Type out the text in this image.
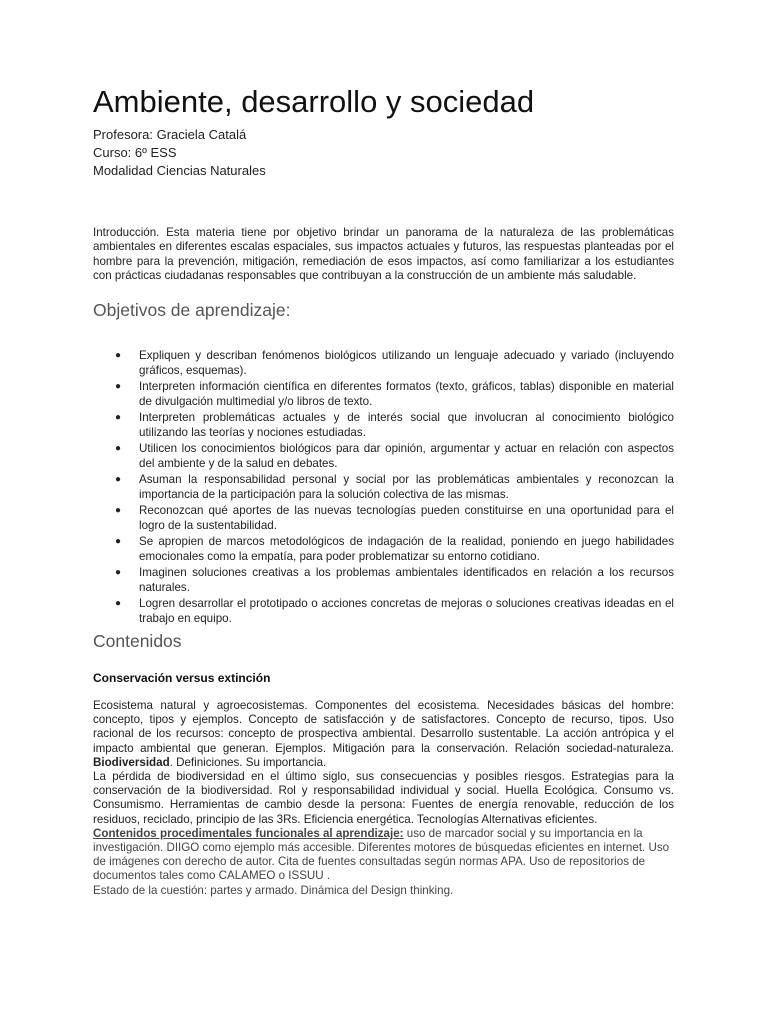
Ambiente, desarrollo y sociedad
Profesora: Graciela Catalá
Curso: 6º ESS
Modalidad Ciencias Naturales

Introducción. Esta materia tiene por objetivo brindar un panorama de la naturaleza de las problemáticas ambientales en diferentes escalas espaciales, sus impactos actuales y futuros, las respuestas planteadas por el hombre para la prevención, mitigación, remediación de esos impactos, así como familiarizar a los estudiantes con prácticas ciudadanas responsables que contribuyan a la construcción de un ambiente más saludable.

Objetivos de aprendizaje:
● Expliquen y describan fenómenos biológicos utilizando un lenguaje adecuado y variado (incluyendo gráficos, esquemas).
● Interpreten información científica en diferentes formatos (texto, gráficos, tablas) disponible en material de divulgación multimedial y/o libros de texto.
● Interpreten problemáticas actuales y de interés social que involucran al conocimiento biológico utilizando las teorías y nociones estudiadas.
● Utilicen los conocimientos biológicos para dar opinión, argumentar y actuar en relación con aspectos del ambiente y de la salud en debates.
● Asuman la responsabilidad personal y social por las problemáticas ambientales y reconozcan la importancia de la participación para la solución colectiva de las mismas.
● Reconozcan qué aportes de las nuevas tecnologías pueden constituirse en una oportunidad para el logro de la sustentabilidad.
● Se apropien de marcos metodológicos de indagación de la realidad, poniendo en juego habilidades emocionales como la empatía, para poder problematizar su entorno cotidiano.
● Imaginen soluciones creativas a los problemas ambientales identificados en relación a los recursos naturales.
● Logren desarrollar el prototipado o acciones concretas de mejoras o soluciones creativas ideadas en el trabajo en equipo.
Contenidos
Conservación versus extinción

Ecosistema natural y agroecosistemas. Componentes del ecosistema. Necesidades básicas del hombre: concepto, tipos y ejemplos. Concepto de satisfacción y de satisfactores. Concepto de recurso, tipos. Uso racional de los recursos: concepto de prospectiva ambiental. Desarrollo sustentable. La acción antrópica y el impacto ambiental que generan. Ejemplos. Mitigación para la conservación. Relación sociedad-naturaleza. Biodiversidad. Definiciones. Su importancia.

La pérdida de biodiversidad en el último siglo, sus consecuencias y posibles riesgos. Estrategias para la conservación de la biodiversidad. Rol y responsabilidad individual y social. Huella Ecológica. Consumo vs. Consumismo. Herramientas de cambio desde la persona: Fuentes de energía renovable, reducción de los residuos, reciclado, principio de las 3Rs. Eficiencia energética. Tecnologías Alternativas eficientes.

Contenidos procedimentales funcionales al aprendizaje: uso de marcador social y su importancia en la investigación. DIIGO como ejemplo más accesible. Diferentes motores de búsquedas eficientes en internet. Uso de imágenes con derecho de autor. Cita de fuentes consultadas según normas APA. Uso de repositorios de documentos tales como CALAMEO o ISSUU .

Estado de la cuestión: partes y armado. Dinámica del Design thinking.
